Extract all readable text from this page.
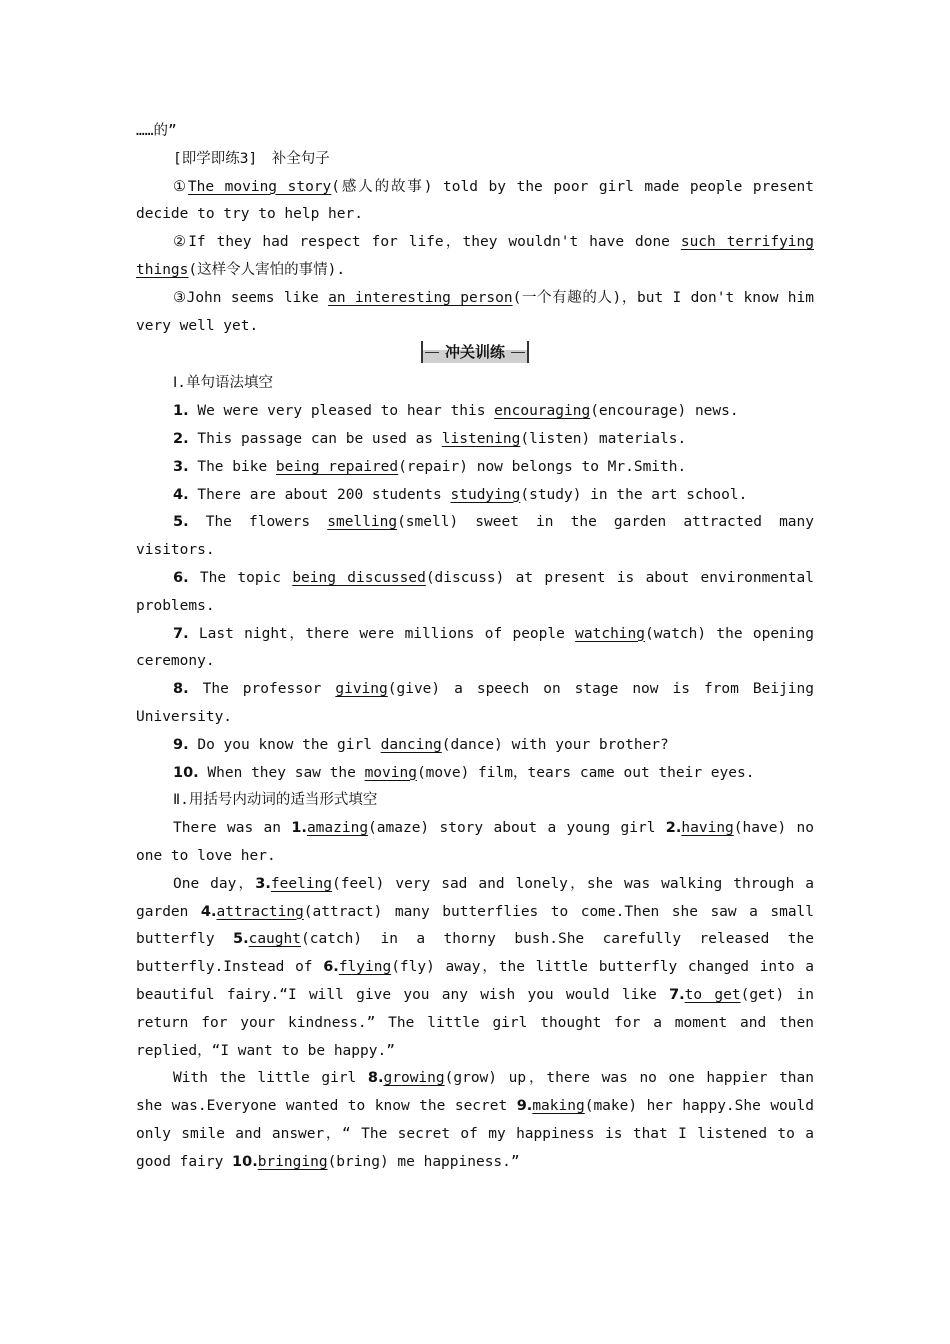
……的”

[即学即练3]　补全句子

①The moving story(感人的故事) told by the poor girl made people present decide to try to help her.

②If they had respect for life，they wouldn't have done such terrifying things(这样令人害怕的事情).

③John seems like an interesting person(一个有趣的人)，but I don't know him very well yet.

冲关训练

Ⅰ.单句语法填空

1. We were very pleased to hear this encouraging(encourage) news.

2. This passage can be used as listening(listen) materials.

3. The bike being repaired(repair) now belongs to Mr.Smith.

4. There are about 200 students studying(study) in the art school.

5. The flowers smelling(smell) sweet in the garden attracted many visitors.

6. The topic being discussed(discuss) at present is about environmental problems.

7. Last night，there were millions of people watching(watch) the opening ceremony.

8. The professor giving(give) a speech on stage now is from Beijing University.

9. Do you know the girl dancing(dance) with your brother?

10. When they saw the moving(move) film，tears came out their eyes.

Ⅱ.用括号内动词的适当形式填空

There was an 1.amazing(amaze) story about a young girl 2.having(have) no one to love her.

One day，3.feeling(feel) very sad and lonely，she was walking through a garden 4.attracting(attract) many butterflies to come.Then she saw a small butterfly 5.caught(catch) in a thorny bush.She carefully released the butterfly.Instead of 6.flying(fly) away，the little butterfly changed into a beautiful fairy.“I will give you any wish you would like 7.to get(get) in return for your kindness.” The little girl thought for a moment and then replied，“I want to be happy.”

With the little girl 8.growing(grow) up，there was no one happier than she was.Everyone wanted to know the secret 9.making(make) her happy.She would only smile and answer，“ The secret of my happiness is that I listened to a good fairy 10.bringing(bring) me happiness.”
